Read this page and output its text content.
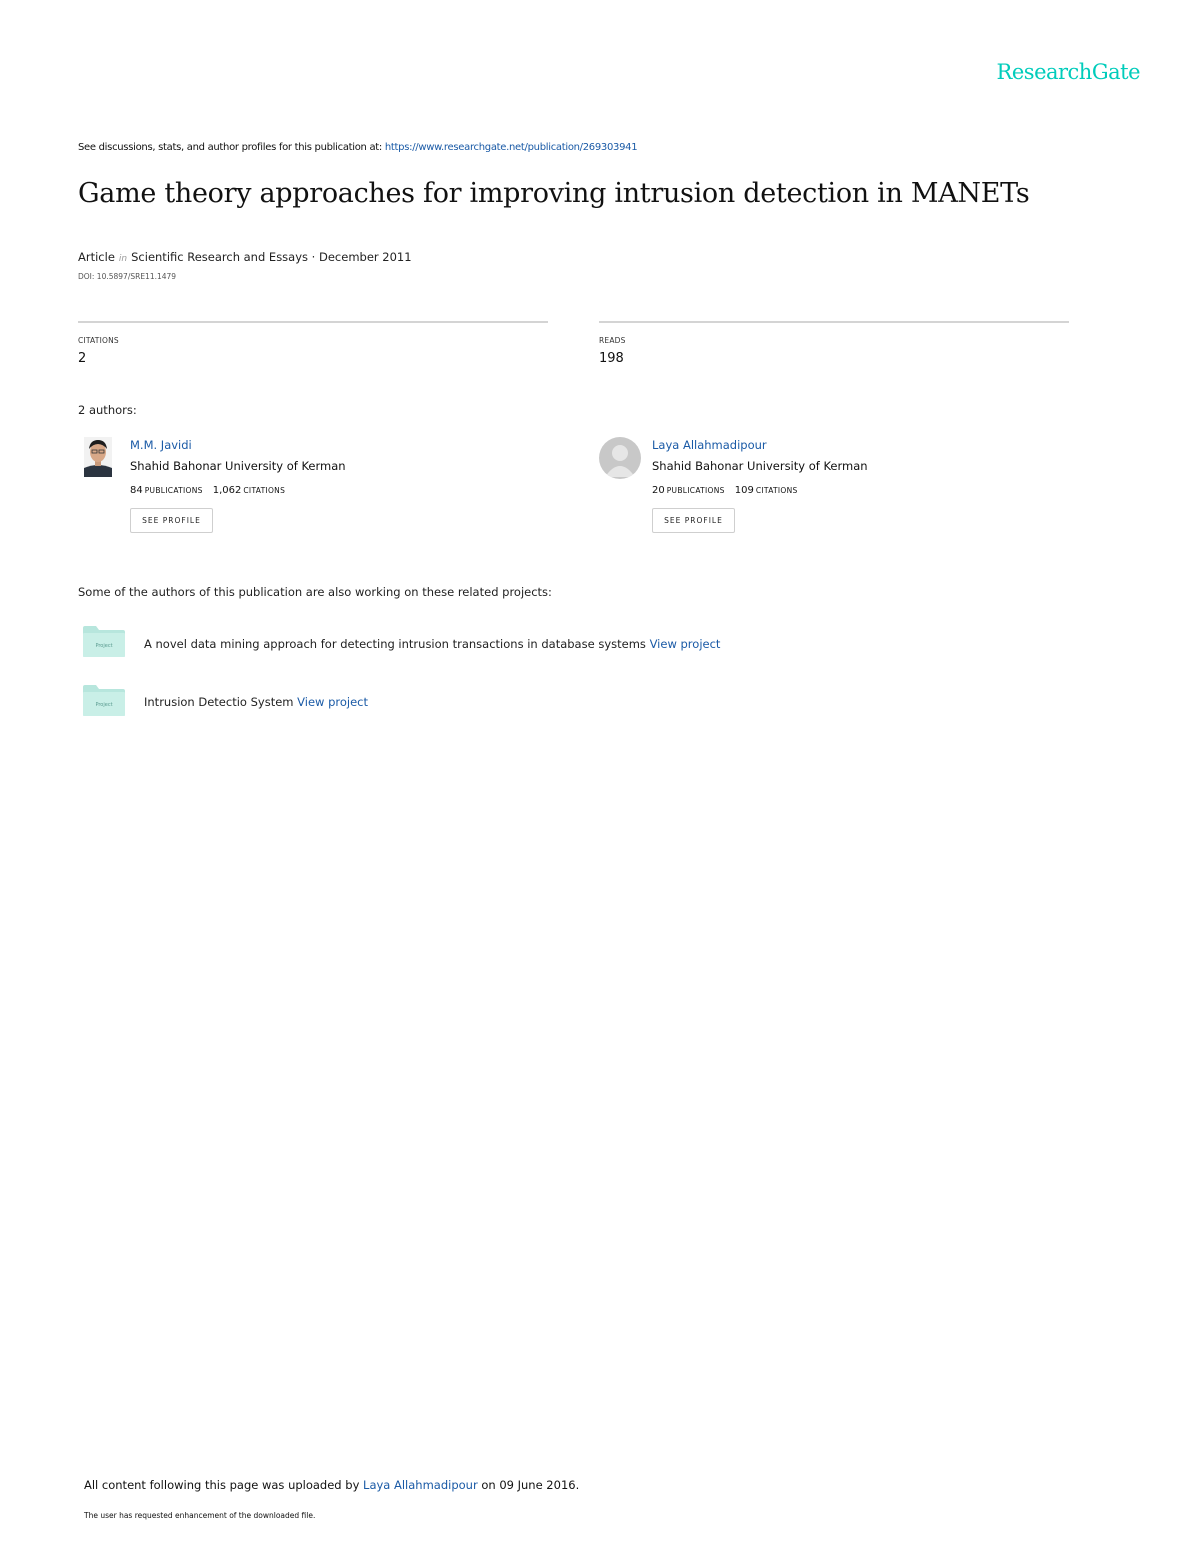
ResearchGate
See discussions, stats, and author profiles for this publication at: https://www.researchgate.net/publication/269303941
Game theory approaches for improving intrusion detection in MANETs
Article in Scientific Research and Essays · December 2011
DOI: 10.5897/SRE11.1479
CITATIONS
2
READS
198
2 authors:
M.M. Javidi
Shahid Bahonar University of Kerman
84 PUBLICATIONS 1,062 CITATIONS
SEE PROFILE
Laya Allahmadipour
Shahid Bahonar University of Kerman
20 PUBLICATIONS 109 CITATIONS
SEE PROFILE
Some of the authors of this publication are also working on these related projects:
Project	A novel data mining approach for detecting intrusion transactions in database systems View project
Project	Intrusion Detectio System View project
All content following this page was uploaded by Laya Allahmadipour on 09 June 2016.
The user has requested enhancement of the downloaded file.
